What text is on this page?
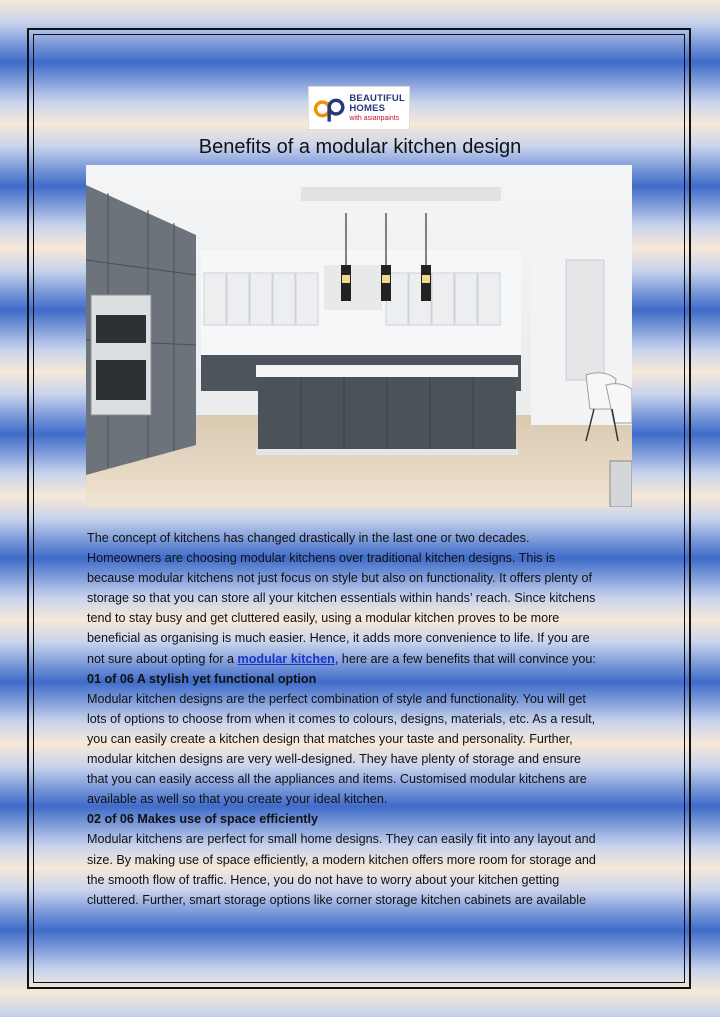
BEAUTIFUL
HOMES
with asianpaints
Benefits of a modular kitchen design

The concept of kitchens has changed drastically in the last one or two decades.

Homeowners are choosing modular kitchens over traditional kitchen designs. This is

because modular kitchens not just focus on style but also on functionality. It offers plenty of

storage so that you can store all your kitchen essentials within hands’ reach. Since kitchens

tend to stay busy and get cluttered easily, using a modular kitchen proves to be more

beneficial as organising is much easier. Hence, it adds more convenience to life. If you are

not sure about opting for a modular kitchen, here are a few benefits that will convince you:

01 of 06 A stylish yet functional option

Modular kitchen designs are the perfect combination of style and functionality. You will get

lots of options to choose from when it comes to colours, designs, materials, etc. As a result,

you can easily create a kitchen design that matches your taste and personality. Further,

modular kitchen designs are very well-designed. They have plenty of storage and ensure

that you can easily access all the appliances and items. Customised modular kitchens are

available as well so that you create your ideal kitchen.

02 of 06 Makes use of space efficiently

Modular kitchens are perfect for small home designs. They can easily fit into any layout and

size. By making use of space efficiently, a modern kitchen offers more room for storage and

the smooth flow of traffic. Hence, you do not have to worry about your kitchen getting

cluttered. Further, smart storage options like corner storage kitchen cabinets are available
